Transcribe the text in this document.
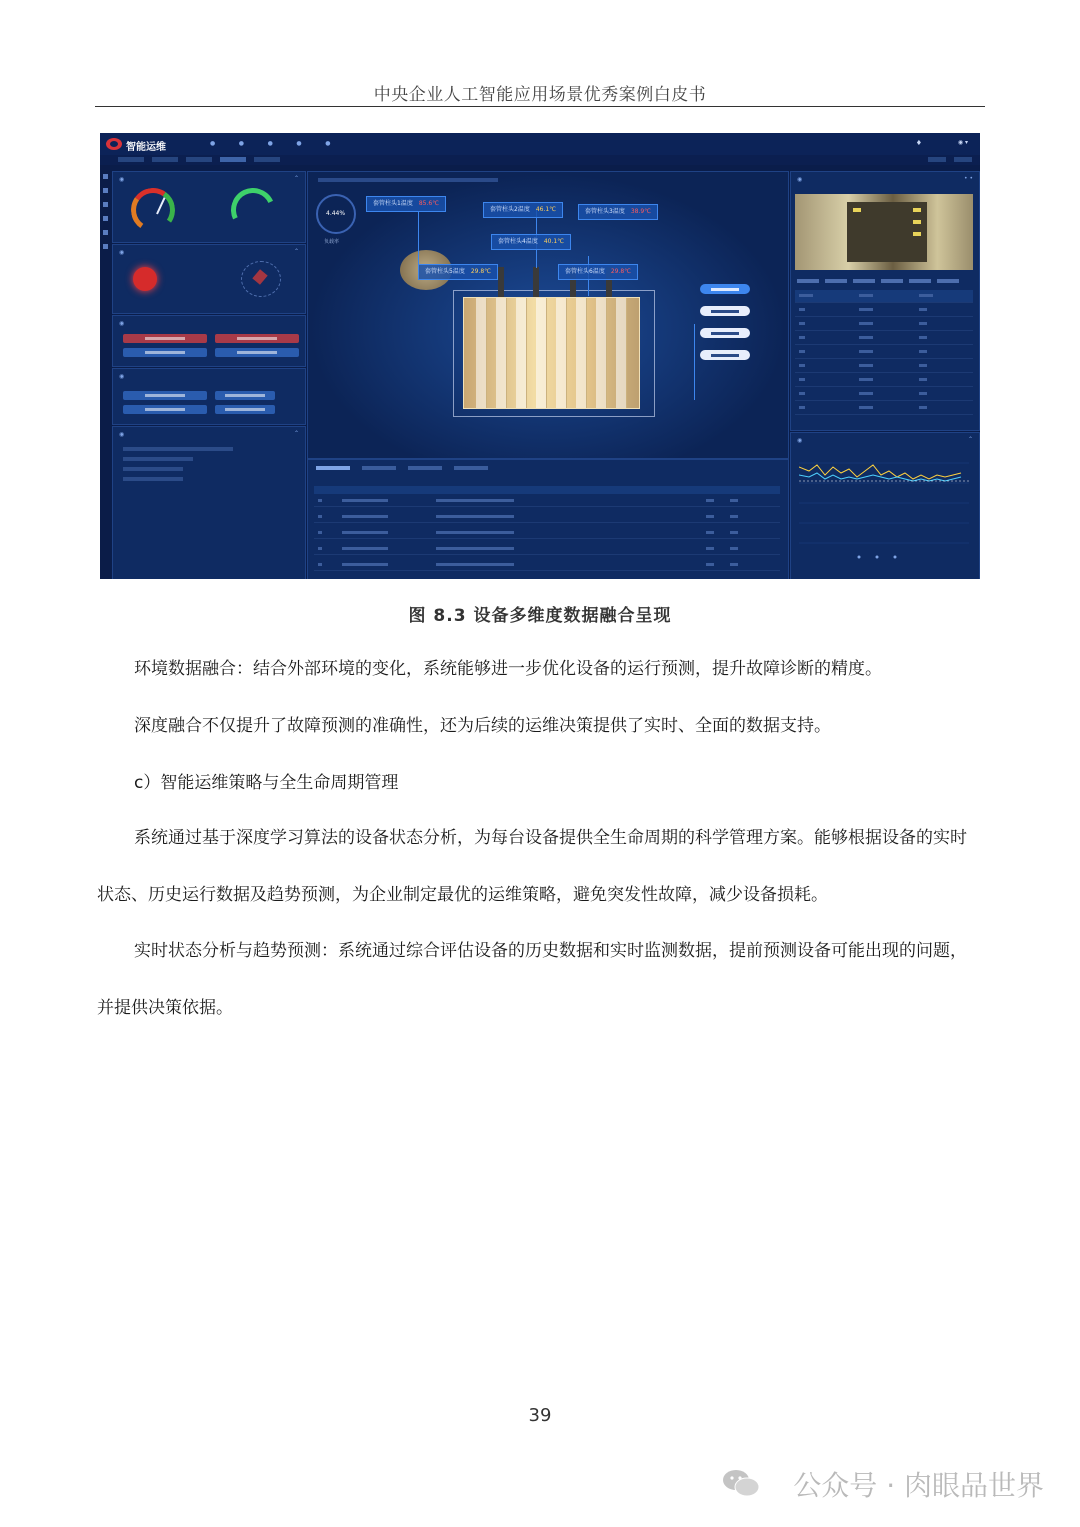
中央企业人工智能应用场景优秀案例白皮书
智能运维 ● ● ● ● ●	♦	◉ ▾
◉
⌃
◉
⌃
◉
◉
◉
⌃
4.44%
负载率
套管柱头1温度 85.6℃
套管柱头2温度 46.1℃	套管柱头3温度 38.9℃
套管柱头4温度 40.1℃
套管柱头5温度 29.8℃	套管柱头6温度 29.8℃
◉
• •
◉
⌃
图 8.3 设备多维度数据融合呈现
环境数据融合：结合外部环境的变化，系统能够进一步优化设备的运行预测，提升故障诊断的精度。
深度融合不仅提升了故障预测的准确性，还为后续的运维决策提供了实时、全面的数据支持。
c）智能运维策略与全生命周期管理
系统通过基于深度学习算法的设备状态分析，为每台设备提供全生命周期的科学管理方案。能够根据设备的实时状态、历史运行数据及趋势预测，为企业制定最优的运维策略，避免突发性故障，减少设备损耗。
实时状态分析与趋势预测：系统通过综合评估设备的历史数据和实时监测数据，提前预测设备可能出现的问题，并提供决策依据。
39
公众号 · 肉眼品世界
